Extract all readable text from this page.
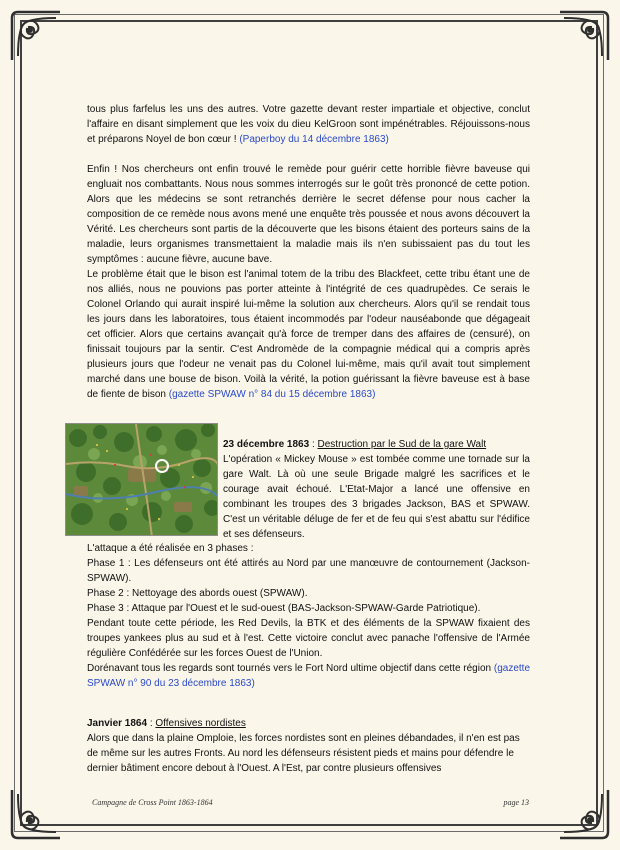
tous plus farfelus les uns des autres. Votre gazette devant rester impartiale et objective, conclut l'affaire en disant simplement que les voix du dieu KelGroon sont impénétrables. Réjouissons-nous et préparons Noyel de bon cœur ! (Paperboy du 14 décembre 1863)

Enfin ! Nos chercheurs ont enfin trouvé le remède pour guérir cette horrible fièvre baveuse qui engluait nos combattants. Nous nous sommes interrogés sur le goût très prononcé de cette potion. Alors que les médecins se sont retranchés derrière le secret défense pour nous cacher la composition de ce remède nous avons mené une enquête très poussée et nous avons découvert la Vérité. Les chercheurs sont partis de la découverte que les bisons étaient des porteurs sains de la maladie, leurs organismes transmettaient la maladie mais ils n'en subissaient pas du tout les symptômes : aucune fièvre, aucune bave.

Le problème était que le bison est l'animal totem de la tribu des Blackfeet, cette tribu étant une de nos alliés, nous ne pouvions pas porter atteinte à l'intégrité de ces quadrupèdes. Ce serais le Colonel Orlando qui aurait inspiré lui-même la solution aux chercheurs. Alors qu'il se rendait tous les jours dans les laboratoires, tous étaient incommodés par l'odeur nauséabonde que dégageait cet officier. Alors que certains avançait qu'à force de tremper dans des affaires de (censuré), on finissait toujours par la sentir. C'est Andromède de la compagnie médical qui a compris après plusieurs jours que l'odeur ne venait pas du Colonel lui-même, mais qu'il avait tout simplement marché dans une bouse de bison. Voilà la vérité, la potion guérissant la fièvre baveuse est à base de fiente de bison (gazette SPWAW n° 84 du 15 décembre 1863)

23 décembre 1863 : Destruction par le Sud de la gare Walt

L'opération « Mickey Mouse » est tombée comme une tornade sur la gare Walt. Là où une seule Brigade malgré les sacrifices et le courage avait échoué. L'Etat-Major a lancé une offensive en combinant les troupes des 3 brigades Jackson, BAS et SPWAW. C'est un véritable déluge de fer et de feu qui s'est abattu sur l'édifice et ses défenseurs.

L'attaque a été réalisée en 3 phases :

Phase 1 : Les défenseurs ont été attirés au Nord par une manœuvre de contournement (Jackson-SPWAW).

Phase 2 : Nettoyage des abords ouest (SPWAW).

Phase 3 : Attaque par l'Ouest et le sud-ouest (BAS-Jackson-SPWAW-Garde Patriotique).

Pendant toute cette période, les Red Devils, la BTK et des éléments de la SPWAW fixaient des troupes yankees plus au sud et à l'est. Cette victoire conclut avec panache l'offensive de l'Armée régulière Confédérée sur les forces Ouest de l'Union.

Dorénavant tous les regards sont tournés vers le Fort Nord ultime objectif dans cette région (gazette SPWAW n° 90 du 23 décembre 1863)

Janvier 1864 : Offensives nordistes

Alors que dans la plaine Omploie, les forces nordistes sont en pleines débandades, il n'en est pas de même sur les autres Fronts. Au nord les défenseurs résistent pieds et mains pour défendre le dernier bâtiment encore debout à l'Ouest. A l'Est, par contre plusieurs offensives

Campagne de Cross Point 1863-1864	page 13
